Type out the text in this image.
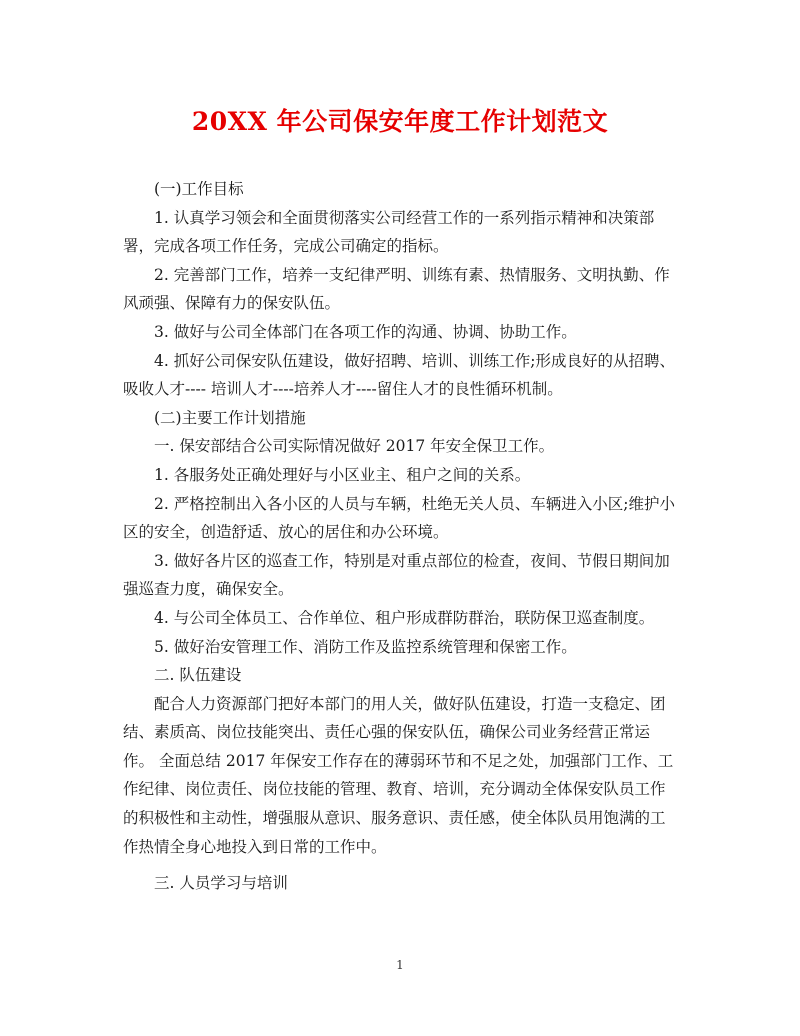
20XX 年公司保安年度工作计划范文

(一)工作目标

1. 认真学习领会和全面贯彻落实公司经营工作的一系列指示精神和决策部署，完成各项工作任务，完成公司确定的指标。

2. 完善部门工作，培养一支纪律严明、训练有素、热情服务、文明执勤、作风顽强、保障有力的保安队伍。

3. 做好与公司全体部门在各项工作的沟通、协调、协助工作。

4. 抓好公司保安队伍建设，做好招聘、培训、训练工作;形成良好的从招聘、吸收人才---- 培训人才----培养人才----留住人才的良性循环机制。

(二)主要工作计划措施

一. 保安部结合公司实际情况做好 2017 年安全保卫工作。

1. 各服务处正确处理好与小区业主、租户之间的关系。

2. 严格控制出入各小区的人员与车辆，杜绝无关人员、车辆进入小区;维护小区的安全，创造舒适、放心的居住和办公环境。

3. 做好各片区的巡查工作，特别是对重点部位的检查，夜间、节假日期间加强巡查力度，确保安全。

4. 与公司全体员工、合作单位、租户形成群防群治，联防保卫巡查制度。

5. 做好治安管理工作、消防工作及监控系统管理和保密工作。

二. 队伍建设

配合人力资源部门把好本部门的用人关，做好队伍建设，打造一支稳定、团结、素质高、岗位技能突出、责任心强的保安队伍，确保公司业务经营正常运作。 全面总结 2017 年保安工作存在的薄弱环节和不足之处，加强部门工作、工作纪律、岗位责任、岗位技能的管理、教育、培训，充分调动全体保安队员工作的积极性和主动性，增强服从意识、服务意识、责任感，使全体队员用饱满的工作热情全身心地投入到日常的工作中。

三. 人员学习与培训

1
